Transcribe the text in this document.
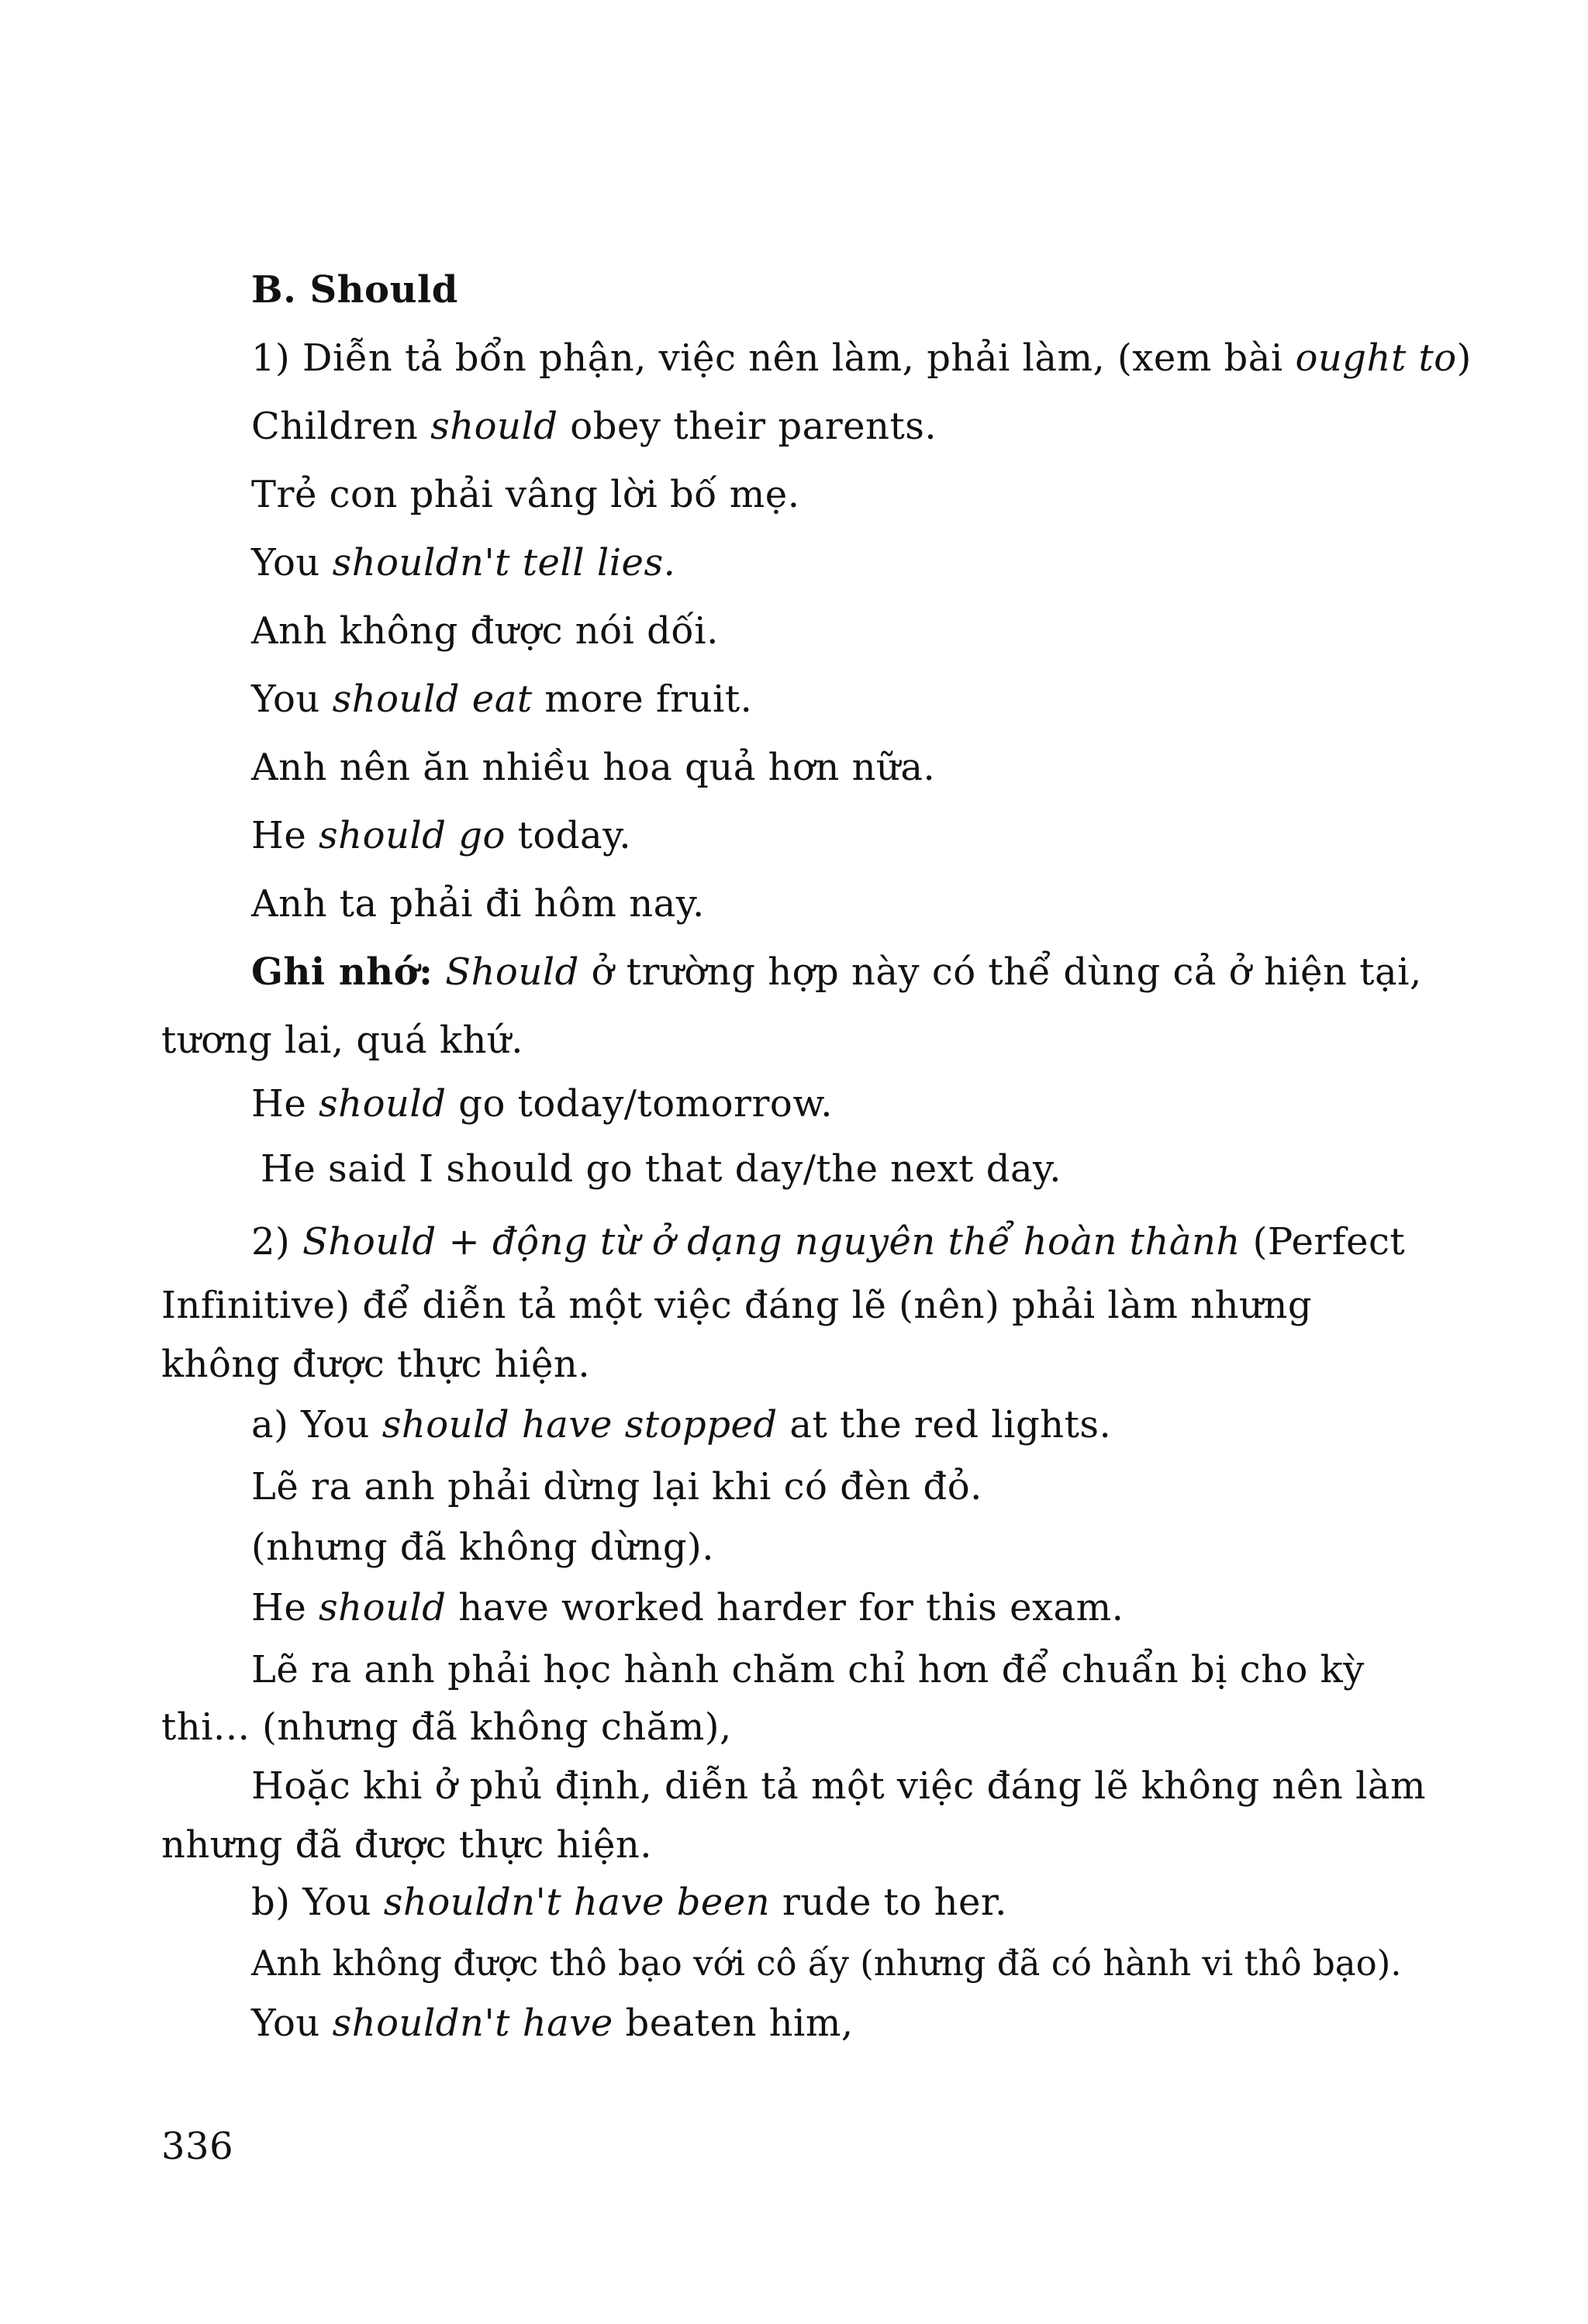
B. Should
1) Diễn tả bổn phận, việc nên làm, phải làm, (xem bài ought to)
Children should obey their parents.
Trẻ con phải vâng lời bố mẹ.
You shouldn't tell lies.
Anh không được nói dối.
You should eat more fruit.
Anh nên ăn nhiều hoa quả hơn nữa.
He should go today.
Anh ta phải đi hôm nay.
Ghi nhớ: Should ở trường hợp này có thể dùng cả ở hiện tại,
tương lai, quá khứ.
He should go today/tomorrow.
He said I should go that day/the next day.
2) Should + động từ ở dạng nguyên thể hoàn thành (Perfect
Infinitive) để diễn tả một việc đáng lẽ (nên) phải làm nhưng
không được thực hiện.
a) You should have stopped at the red lights.
Lẽ ra anh phải dừng lại khi có đèn đỏ.
(nhưng đã không dừng).
He should have worked harder for this exam.
Lẽ ra anh phải học hành chăm chỉ hơn để chuẩn bị cho kỳ
thi... (nhưng đã không chăm),
Hoặc khi ở phủ định, diễn tả một việc đáng lẽ không nên làm
nhưng đã được thực hiện.
b) You shouldn't have been rude to her.
Anh không được thô bạo với cô ấy (nhưng đã có hành vi thô bạo).
You shouldn't have beaten him,
336
